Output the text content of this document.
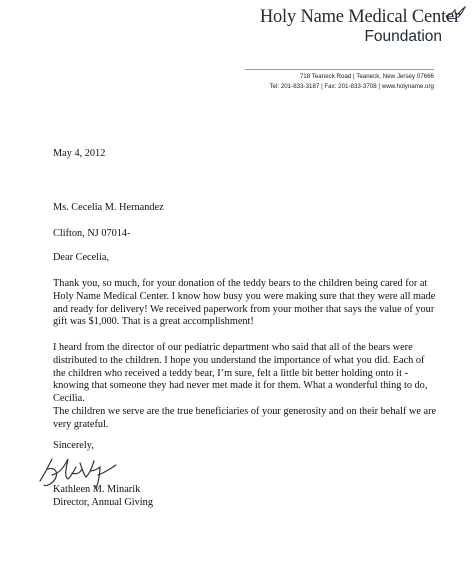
Holy Name Medical Center
Foundation
718 Teaneck Road | Teaneck, New Jersey 07666
Tel: 201-833-3187 | Fax: 201-833-3708 | www.holyname.org
May 4, 2012
Ms. Cecelia M. Hernandez
Clifton, NJ 07014-
Dear Cecelia,
Thank you, so much, for your donation of the teddy bears to the children being cared for at Holy Name Medical Center. I know how busy you were making sure that they were all made and ready for delivery! We received paperwork from your mother that says the value of your gift was $1,000. That is a great accomplishment!
I heard from the director of our pediatric department who said that all of the bears were distributed to the children. I hope you understand the importance of what you did. Each of the children who received a teddy bear, I’m sure, felt a little bit better holding onto it - knowing that someone they had never met made it for them. What a wonderful thing to do, Cecilia.
The children we serve are the true beneficiaries of your generosity and on their behalf we are very grateful.
Sincerely,
Kathleen M. Minarik
Director, Annual Giving
